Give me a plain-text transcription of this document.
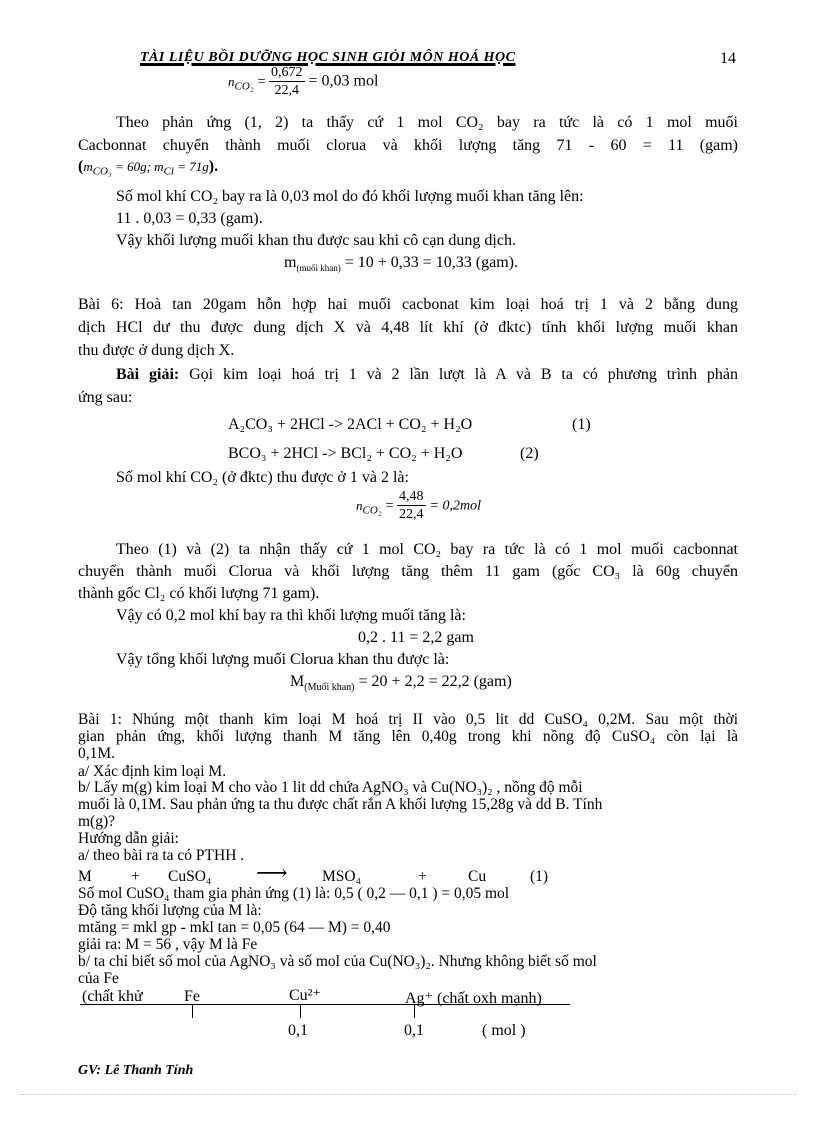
TÀI LIỆU BỒI DƯỠNG HỌC SINH GIỎI MÔN HOÁ HỌC	14
$n_{CO_2} = \frac{0,672}{22,4} = 0,03$ mol
Theo phản ứng (1, 2) ta thấy cứ 1 mol CO₂ bay ra tức là có 1 mol muối
Cacbonnat chuyển thành muối clorua và khối lượng tăng 71 - 60 = 11 (gam)
($m_{CO_3} = 60g$; $m_{Cl} = 71g$).
Số mol khí CO₂ bay ra là 0,03 mol do đó khối lượng muối khan tăng lên:
11 . 0,03 = 0,33 (gam).
Vậy khối lượng muối khan thu được sau khi cô cạn dung dịch.
$m_{(muối khan)} = 10 + 0,33 = 10,33$ (gam).
Bài 6: Hoà tan 20gam hỗn hợp hai muối cacbonat kim loại hoá trị 1 và 2 bằng dung
dịch HCl dư thu được dung dịch X và 4,48 lít khí (ở đktc) tính khối lượng muối khan
thu được ở dung dịch X.
Bài giải: Gọi kim loại hoá trị 1 và 2 lần lượt là A và B ta có phương trình phản
ứng sau:
A₂CO₃ + 2HCl -> 2ACl + CO₂ + H₂O	(1)
BCO₃ + 2HCl -> BCl₂ + CO₂ + H₂O	(2)
Số mol khí CO₂ (ở đktc) thu được ở 1 và 2 là:
$n_{CO_2} = \frac{4,48}{22,4} = 0,2mol$
Theo (1) và (2) ta nhận thấy cứ 1 mol CO₂ bay ra tức là có 1 mol muối cacbonnat
chuyển thành muối Clorua và khối lượng tăng thêm 11 gam (gốc CO₃ là 60g chuyển
thành gốc Cl₂ có khối lượng 71 gam).
Vậy có 0,2 mol khí bay ra thì khối lượng muối tăng là:
0,2 . 11 = 2,2 gam
Vậy tổng khối lượng muối Clorua khan thu được là:
$M_{(Muối khan)} = 20 + 2,2 = 22,2$ (gam)
Bài 1: Nhúng một thanh kim loại M hoá trị II vào 0,5 lit dd CuSO₄ 0,2M. Sau một thời
gian phản ứng, khối lượng thanh M tăng lên 0,40g trong khi nồng độ CuSO₄ còn lại là
0,1M.
a/ Xác định kim loại M.
b/ Lấy m(g) kim loại M cho vào 1 lit dd chứa AgNO₃ và Cu(NO₃)₂ , nồng độ mỗi
muối là 0,1M. Sau phản ứng ta thu được chất rắn A khối lượng 15,28g và dd B. Tính
m(g)?
Hướng dẫn giải:
a/ theo bài ra ta có PTHH .
M	+ CuSO₄ ⟶ MSO₄	+	Cu	(1)
Số mol CuSO₄ tham gia phản ứng (1) là: 0,5 ( 0,2 — 0,1 ) = 0,05 mol
Độ tăng khối lượng của M là:
mtăng = mkl gp - mkl tan = 0,05 (64 — M) = 0,40
giải ra: M = 56 , vậy M là Fe
b/ ta chỉ biết số mol của AgNO₃ và số mol của Cu(NO₃)₂. Nhưng không biết số mol
của Fe
(chất khử	Fe	Cu²⁺	Ag⁺ (chất oxh mạnh)
0,1	0,1	( mol )
GV: Lê Thanh Tính
